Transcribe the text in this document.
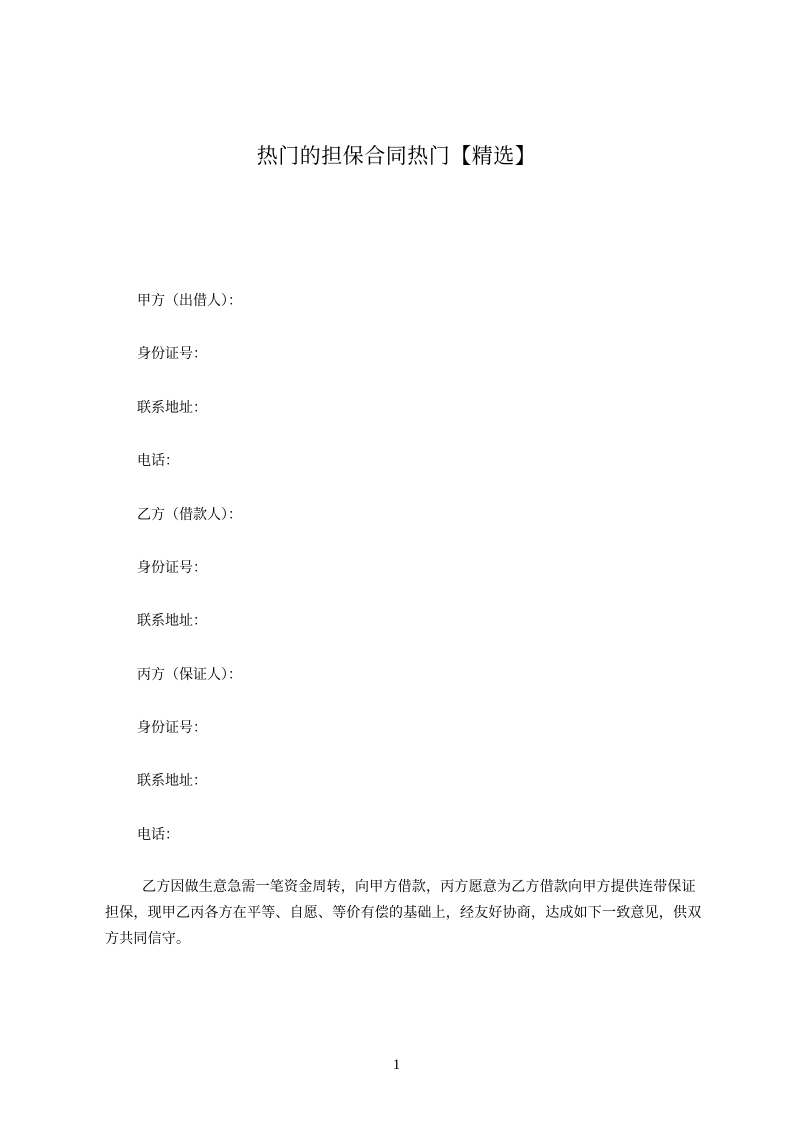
热门的担保合同热门【精选】
甲方（出借人）：
身份证号：
联系地址：
电话：
乙方（借款人）：
身份证号：
联系地址：
丙方（保证人）：
身份证号：
联系地址：
电话：
乙方因做生意急需一笔资金周转，向甲方借款，丙方愿意为乙方借款向甲方提供连带保证担保，现甲乙丙各方在平等、自愿、等价有偿的基础上，经友好协商，达成如下一致意见，供双方共同信守。
1
